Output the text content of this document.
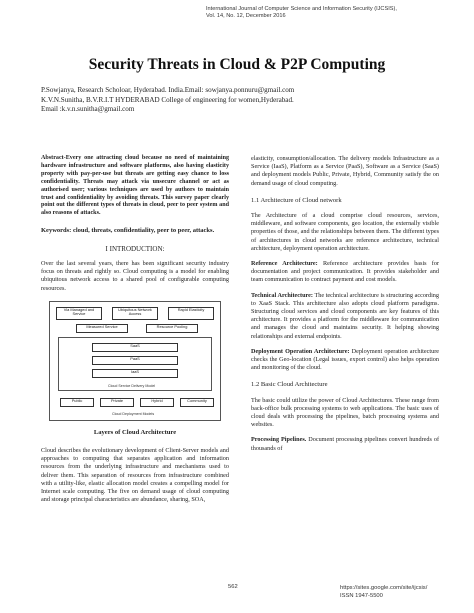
International Journal of Computer Science and Information Security (IJCSIS),
Vol. 14, No. 12, December 2016
Security Threats in Cloud & P2P Computing
P.Sowjanya, Research Scholoar, Hyderabad. India.Email: sowjanya.ponnuru@gmail.com
K.V.N.Sunitha, B.V.R.I.T HYDERABAD College of engineering for women,Hyderabad.
Email :k.v.n.sunitha@gmail.com

Abstract-Every one attracting cloud because no need of maintaining hardware infrastructure and software platforms, also having elasticity property with pay-per-use but threats are getting easy chance to loss confidentiality. Threats may attack via unsecure channel or act as authorised user; various techniques are used by authors to maintain trust and confidentiality by avoiding threats. This survey paper clearly point out the different types of threats in cloud, peer to peer system and also reasons of attacks.

Keywords: cloud, threats, confidentiality, peer to peer, attacks.

I INTRODUCTION:

Over the last several years, there has been significant security industry focus on threats and rightly so. Cloud computing is a model for enabling ubiquitous network access to a shared pool of configurable computing resources.

Via Managed and Service
Ubiquitous Network Access
Rapid Elasticity
Measured Service	Resource Pooling
SaaS
PaaS
IaaS
Cloud Service Delivery Model
Public	Private	Hybrid	Community
Cloud Deployment Models
Layers of Cloud Architecture

Cloud describes the evolutionary development of Client-Server models and approaches to computing that separates application and information resources from the underlying infrastructure and mechanisms used to deliver them. This separation of resources from infrastructure combined with a utility-like, elastic allocation model creates a compelling model for Internet scale computing. The five on demand usage of cloud computing and storage principal characteristics are abundance, sharing, SOA,

elasticity, consumption/allocation. The delivery models Infrastructure as a Service (IaaS), Platform as a Service (PaaS), Software as a Service (SaaS) and deployment models Public, Private, Hybrid, Community satisfy the on demand usage of cloud computing.

1.1 Architecture of Cloud network

The Architecture of a cloud comprise cloud resources, services, middleware, and software components, geo location, the externally visible properties of those, and the relationships between them. The different types of architectures in cloud networks are reference architecture, technical architecture, deployment operation architecture.

Reference Architecture: Reference architecture provides basis for documentation and project communication. It provides stakeholder and team communication to contract payment and cost models.

Technical Architecture: The technical architecture is structuring according to XaaS Stack. This architecture also adopts cloud platform paradigms. Structuring cloud services and cloud components are key features of this architecture. It provides a platform for the middleware for communication and manages the cloud and maintains security. It helping showing relationships and external endpoints.

Deployment Operation Architecture: Deployment operation architecture checks the Geo-location (Legal issues, export control) also helps operation and monitoring of the cloud.

1.2 Basic Cloud Architecture

The basic could utilize the power of Cloud Architectures. These range from back-office bulk processing systems to web applications. The basic uses of cloud deals with processing the pipelines, batch processing systems and websites.

Processing Pipelines. Document processing pipelines convert hundreds of thousands of

562	https://sites.google.com/site/ijcsis/
ISSN 1947-5500
